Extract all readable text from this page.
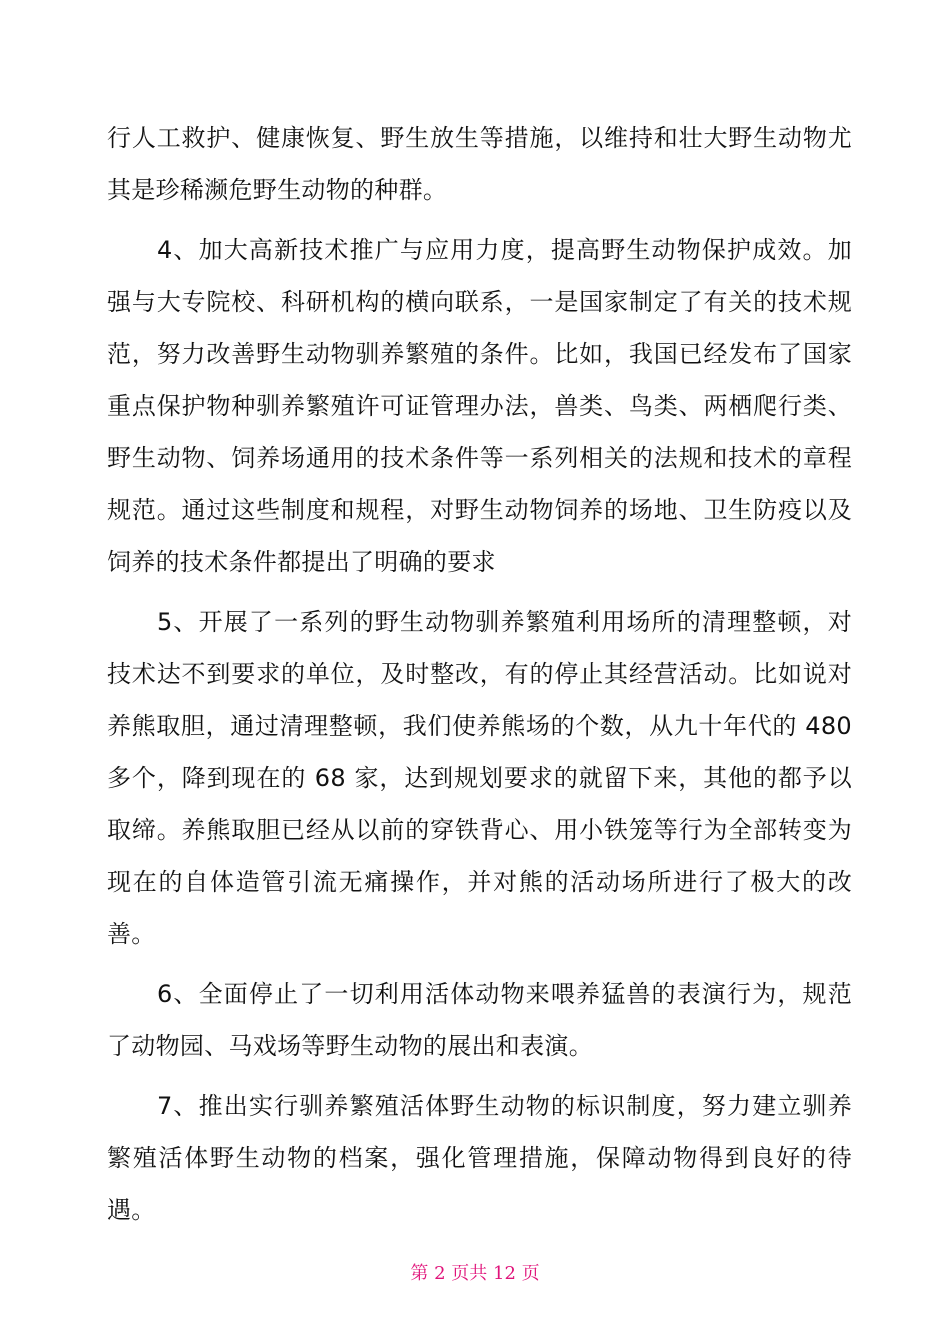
行人工救护、健康恢复、野生放生等措施，以维持和壮大野生动物尤其是珍稀濒危野生动物的种群。

4、加大高新技术推广与应用力度，提高野生动物保护成效。加强与大专院校、科研机构的横向联系，一是国家制定了有关的技术规范，努力改善野生动物驯养繁殖的条件。比如，我国已经发布了国家重点保护物种驯养繁殖许可证管理办法，兽类、鸟类、两栖爬行类、野生动物、饲养场通用的技术条件等一系列相关的法规和技术的章程规范。通过这些制度和规程，对野生动物饲养的场地、卫生防疫以及饲养的技术条件都提出了明确的要求

5、开展了一系列的野生动物驯养繁殖利用场所的清理整顿，对技术达不到要求的单位，及时整改，有的停止其经营活动。比如说对养熊取胆，通过清理整顿，我们使养熊场的个数，从九十年代的 480 多个，降到现在的 68 家，达到规划要求的就留下来，其他的都予以取缔。养熊取胆已经从以前的穿铁背心、用小铁笼等行为全部转变为现在的自体造管引流无痛操作，并对熊的活动场所进行了极大的改善。

6、全面停止了一切利用活体动物来喂养猛兽的表演行为，规范了动物园、马戏场等野生动物的展出和表演。

7、推出实行驯养繁殖活体野生动物的标识制度，努力建立驯养繁殖活体野生动物的档案，强化管理措施，保障动物得到良好的待遇。

第 2 页共 12 页
